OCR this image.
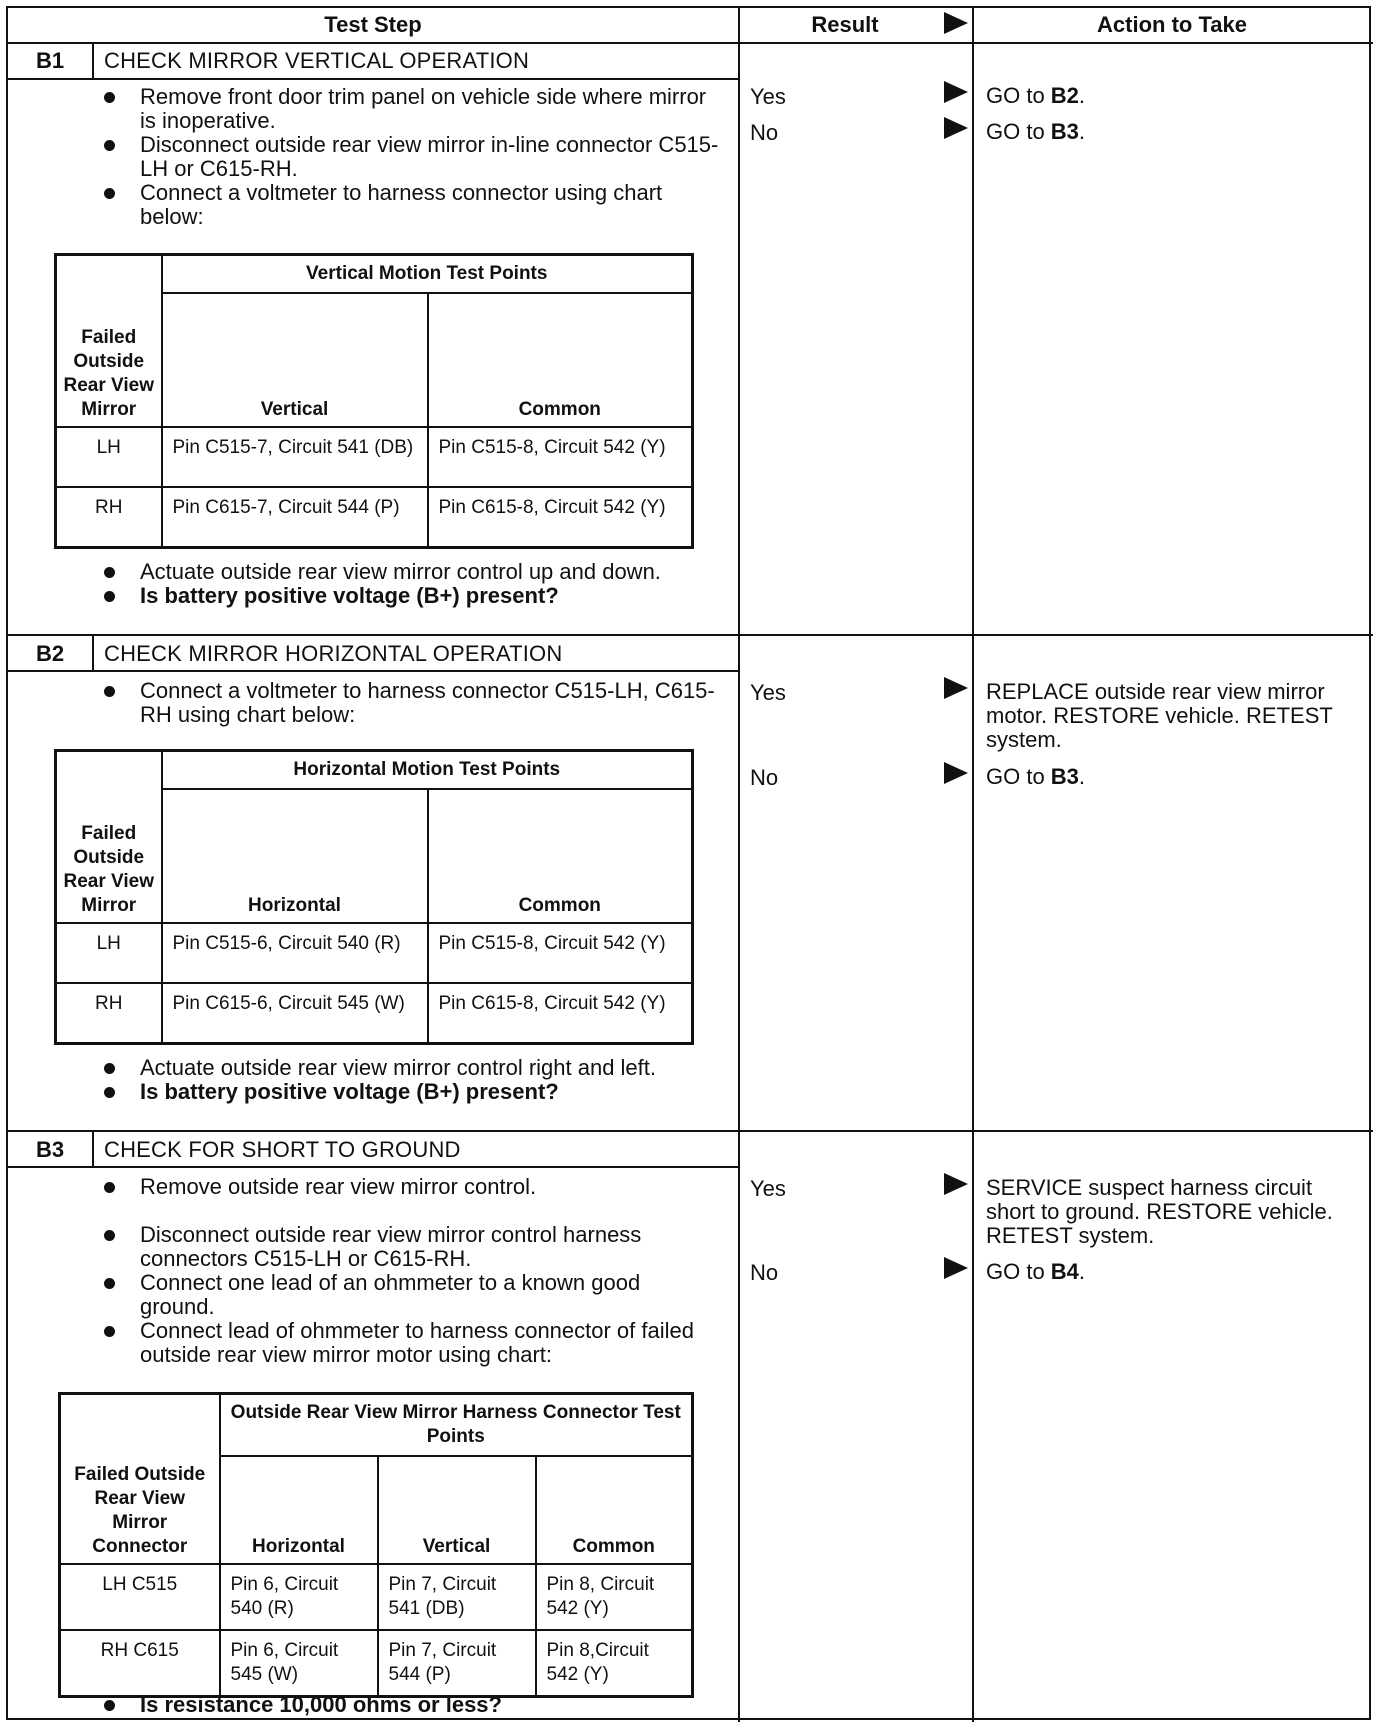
Test Step	Result	Action to Take
B1	CHECK MIRROR VERTICAL OPERATION
Remove front door trim panel on vehicle side where mirror is inoperative.
Disconnect outside rear view mirror in-line connector C515-LH or C615-RH.
Connect a voltmeter to harness connector using chart below:
Failed Outside Rear View Mirror	Vertical Motion Test Points	
	Vertical	Common
LH	Pin C515-7, Circuit 541 (DB)	Pin C515-8, Circuit 542 (Y)
RH	Pin C615-7, Circuit 544 (P)	Pin C615-8, Circuit 542 (Y)
Actuate outside rear view mirror control up and down.
Is battery positive voltage (B+) present?
Yes	GO to B2.
No	GO to B3.
B2	CHECK MIRROR HORIZONTAL OPERATION
Connect a voltmeter to harness connector C515-LH, C615-RH using chart below:
Failed Outside Rear View Mirror	Horizontal Motion Test Points	
	Horizontal	Common
LH	Pin C515-6, Circuit 540 (R)	Pin C515-8, Circuit 542 (Y)
RH	Pin C615-6, Circuit 545 (W)	Pin C615-8, Circuit 542 (Y)
Actuate outside rear view mirror control right and left.
Is battery positive voltage (B+) present?
Yes	REPLACE outside rear view mirror motor. RESTORE vehicle. RETEST system.
No	GO to B3.
B3	CHECK FOR SHORT TO GROUND
Remove outside rear view mirror control.
Disconnect outside rear view mirror control harness connectors C515-LH or C615-RH.
Connect one lead of an ohmmeter to a known good ground.
Connect lead of ohmmeter to harness connector of failed outside rear view mirror motor using chart:
Failed Outside Rear View Mirror Connector	Outside Rear View Mirror Harness Connector Test Points		
	Horizontal	Vertical	Common
LH C515	Pin 6, Circuit 540 (R)	Pin 7, Circuit 541 (DB)	Pin 8, Circuit 542 (Y)
RH C615	Pin 6, Circuit 545 (W)	Pin 7, Circuit 544 (P)	Pin 8,Circuit 542 (Y)
Is resistance 10,000 ohms or less?
Yes	SERVICE suspect harness circuit short to ground. RESTORE vehicle. RETEST system.
No	GO to B4.
